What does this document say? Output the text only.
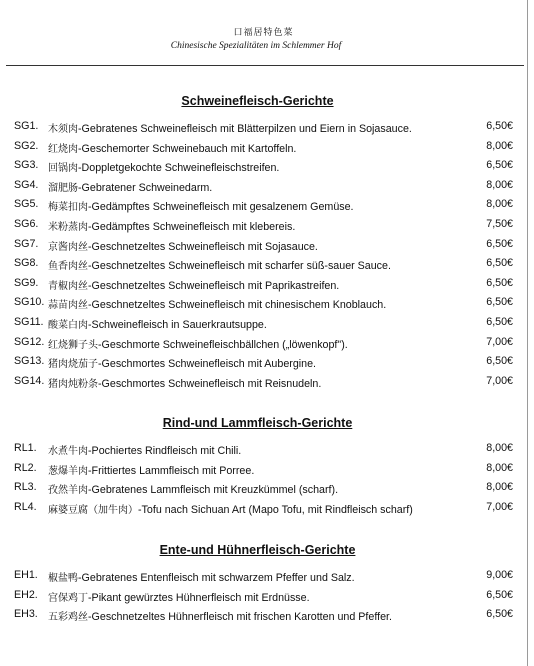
口福居特色菜
Chinesische Spezialitäten im Schlemmer Hof
Schweinefleisch-Gerichte
SG1. 木须肉-Gebratenes Schweinefleisch mit Blätterpilzen und Eiern in Sojasauce.	6,50€
SG2. 红烧肉-Geschemorter Schweinebauch mit Kartoffeln.	8,00€
SG3. 回锅肉-Doppletgekochte Schweinefleischstreifen.	6,50€
SG4. 溜肥肠-Gebratener Schweinedarm.	8,00€
SG5. 梅菜扣肉-Gedämpftes Schweinefleisch mit gesalzenem Gemüse.	8,00€
SG6. 米粉蒸肉-Gedämpftes Schweinefleisch mit klebereis.	7,50€
SG7. 京酱肉丝-Geschnetzeltes Schweinefleisch mit Sojasauce.	6,50€
SG8. 鱼香肉丝-Geschnetzeltes Schweinefleisch mit scharfer süß-sauer Sauce.	6,50€
SG9. 青椒肉丝-Geschnetzeltes Schweinefleisch mit Paprikastreifen.	6,50€
SG10. 蒜苗肉丝-Geschnetzeltes Schweinefleisch mit chinesischem Knoblauch.	6,50€
SG11. 酸菜白肉-Schweinefleisch in Sauerkrautsuppe.	6,50€
SG12. 红烧狮子头-Geschmorte Schweinefleischbällchen („löwenkopf").	7,00€
SG13. 猪肉烧茄子-Geschmortes Schweinefleisch mit Aubergine.	6,50€
SG14. 猪肉炖粉条-Geschmortes Schweinefleisch mit Reisnudeln.	7,00€
Rind-und Lammfleisch-Gerichte
RL1. 水煮牛肉-Pochiertes Rindfleisch mit Chili.	8,00€
RL2. 葱爆羊肉-Frittiertes Lammfleisch mit Porree.	8,00€
RL3. 孜然羊肉-Gebratenes Lammfleisch mit Kreuzkümmel (scharf).	8,00€
RL4. 麻婆豆腐（加牛肉）-Tofu nach Sichuan Art (Mapo Tofu, mit Rindfleisch scharf)	7,00€
Ente-und Hühnerfleisch-Gerichte
EH1. 椒盐鸭-Gebratenes Entenfleisch mit schwarzem Pfeffer und Salz.	9,00€
EH2. 宫保鸡丁-Pikant gewürztes Hühnerfleisch mit Erdnüsse.	6,50€
EH3. 五彩鸡丝-Geschnetzeltes Hühnerfleisch mit frischen Karotten und Pfeffer.	6,50€
